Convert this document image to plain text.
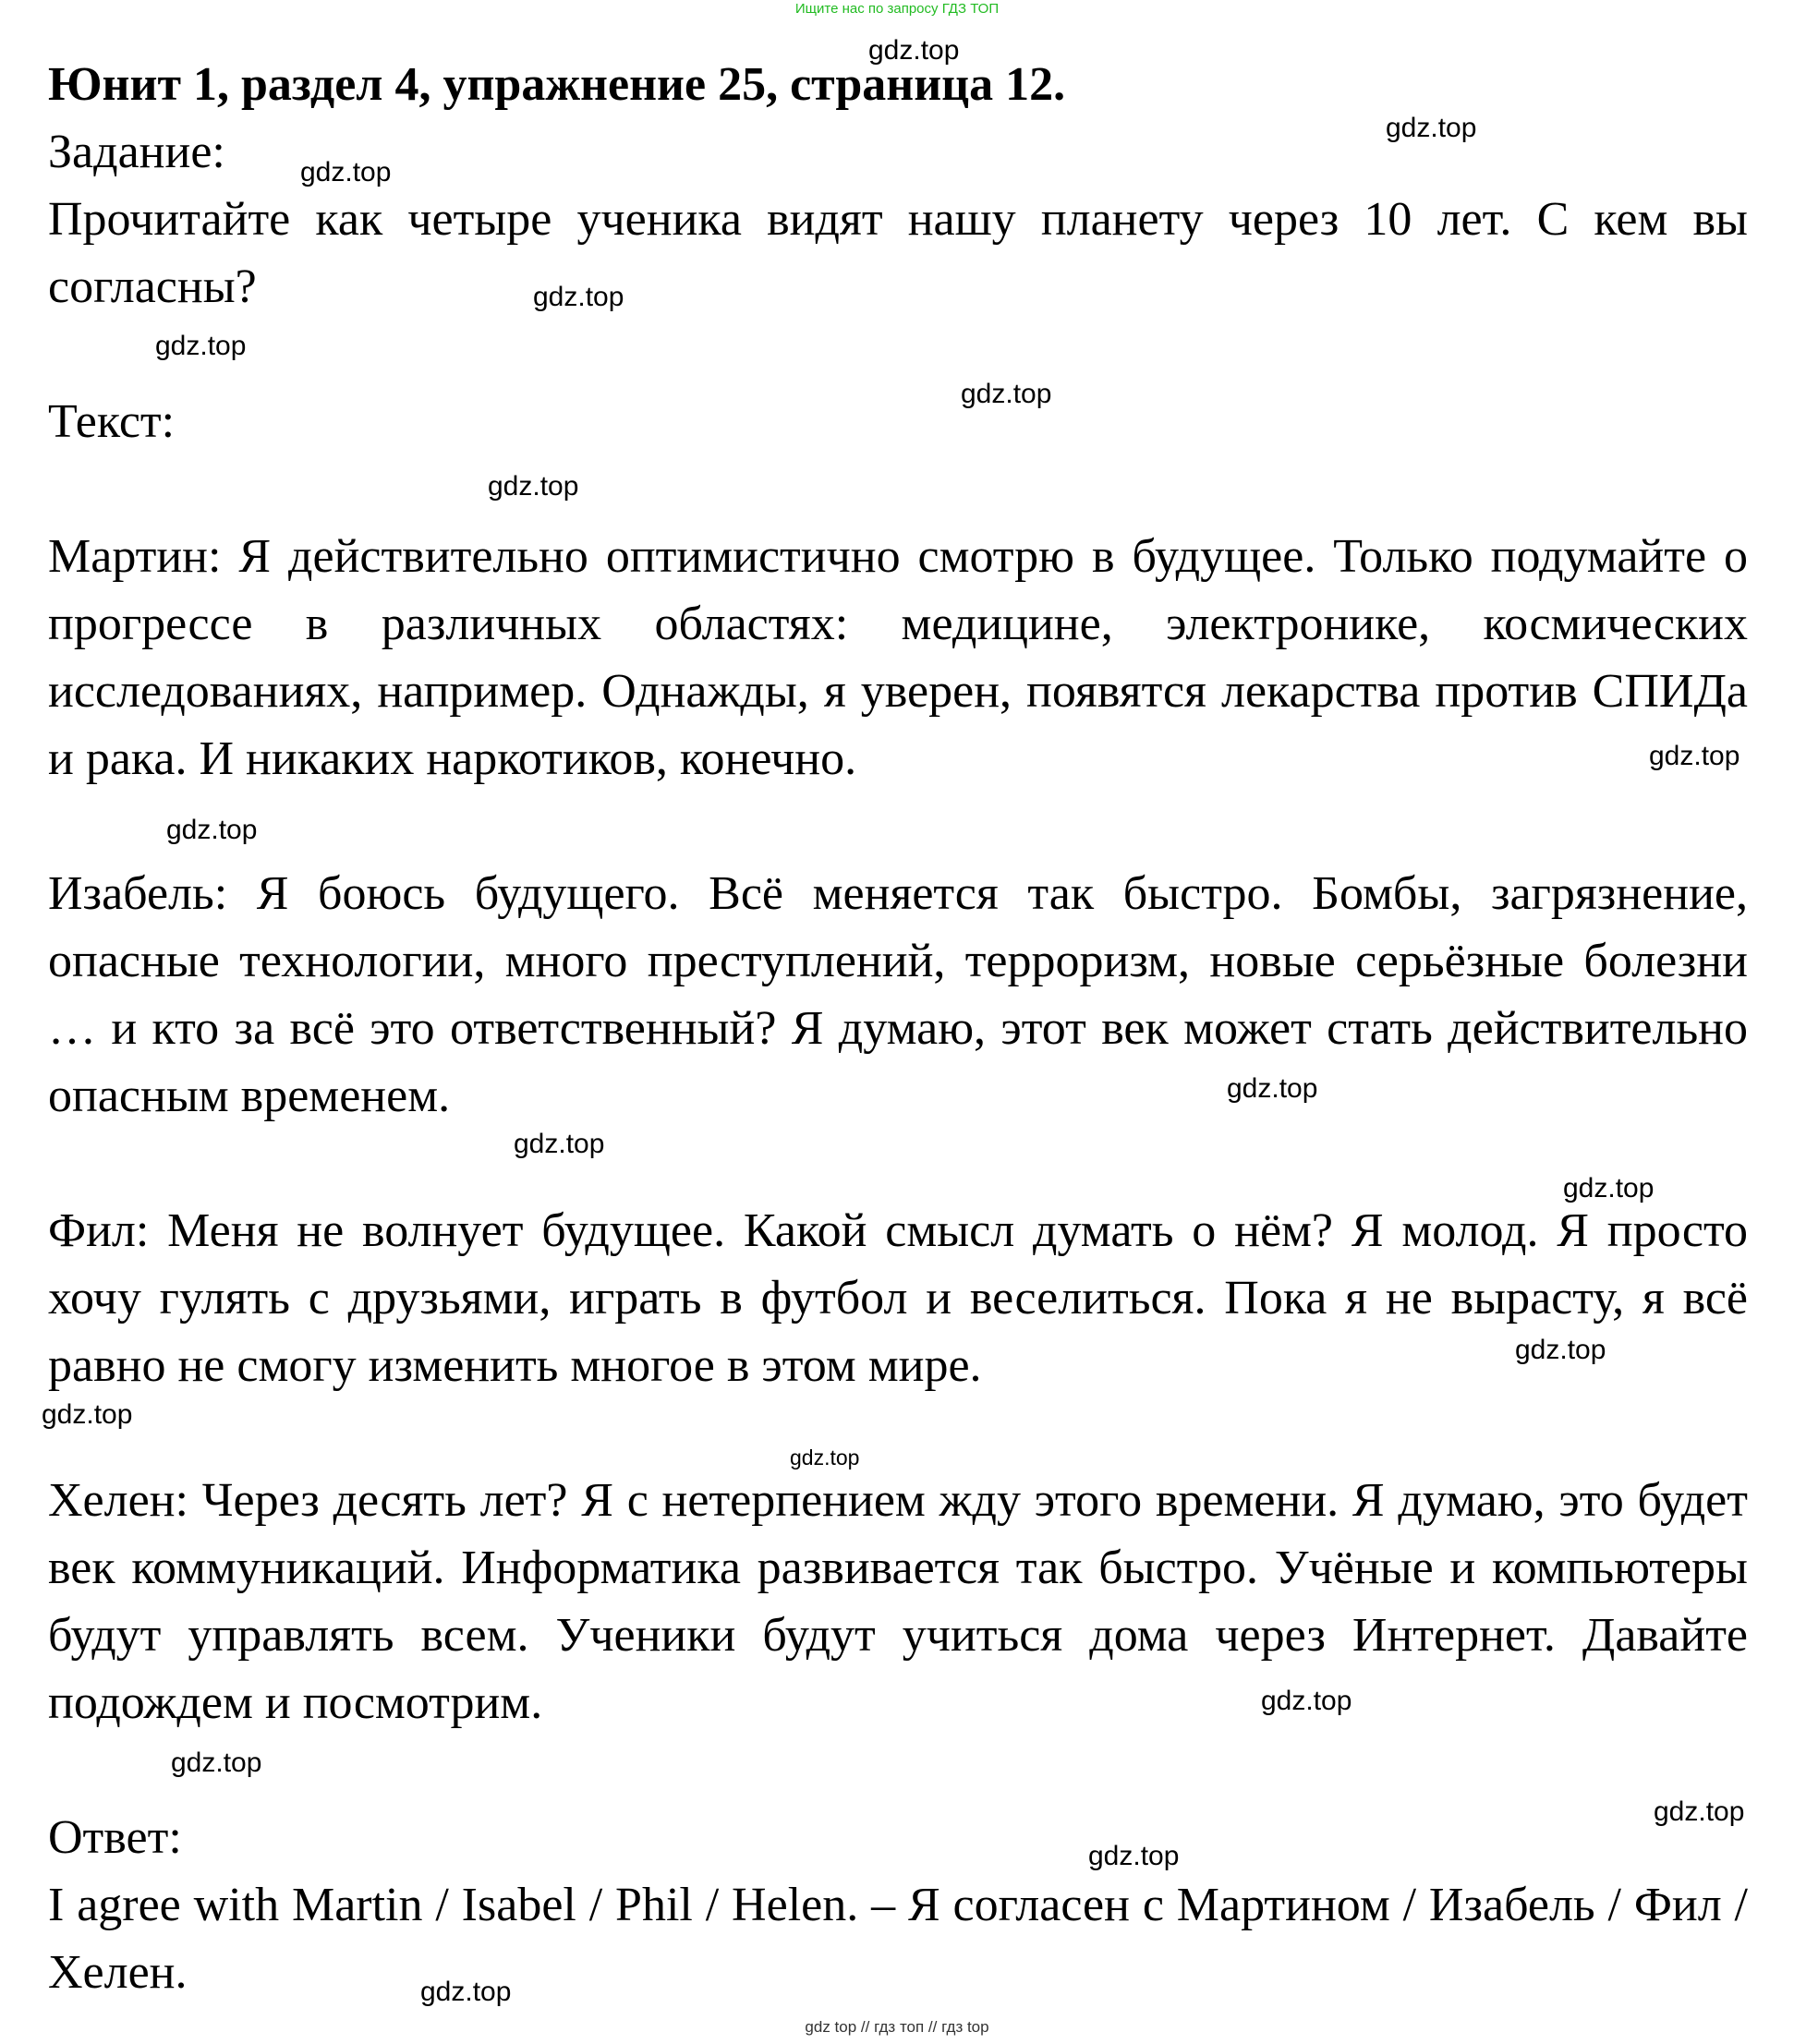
Ищите нас по запросу ГДЗ ТОП

Юнит 1, раздел 4, упражнение 25, страница 12.

Задание:

Прочитайте как четыре ученика видят нашу планету через 10 лет. С кем вы согласны?

Текст:

Мартин: Я действительно оптимистично смотрю в будущее. Только подумайте о прогрессе в различных областях: медицине, электронике, космических исследованиях, например. Однажды, я уверен, появятся лекарства против СПИДа и рака. И никаких наркотиков, конечно.

Изабель: Я боюсь будущего. Всё меняется так быстро. Бомбы, загрязнение, опасные технологии, много преступлений, терроризм, новые серьёзные болезни … и кто за всё это ответственный? Я думаю, этот век может стать действительно опасным временем.

Фил: Меня не волнует будущее. Какой смысл думать о нём? Я молод. Я просто хочу гулять с друзьями, играть в футбол и веселиться. Пока я не вырасту, я всё равно не смогу изменить многое в этом мире.

Хелен: Через десять лет? Я с нетерпением жду этого времени. Я думаю, это будет век коммуникаций. Информатика развивается так быстро. Учёные и компьютеры будут управлять всем. Ученики будут учиться дома через Интернет. Давайте подождем и посмотрим.

Ответ:

I agree with Martin / Isabel / Phil / Helen. – Я согласен с Мартином / Изабель / Фил / Хелен.

gdz.top
gdz.top
gdz.top
gdz.top
gdz.top
gdz.top
gdz.top
gdz.top
gdz.top
gdz.top
gdz.top
gdz.top
gdz.top
gdz.top
gdz.top
gdz.top
gdz.top
gdz.top
gdz.top
gdz.top
gdz top // гдз топ // гдз top
